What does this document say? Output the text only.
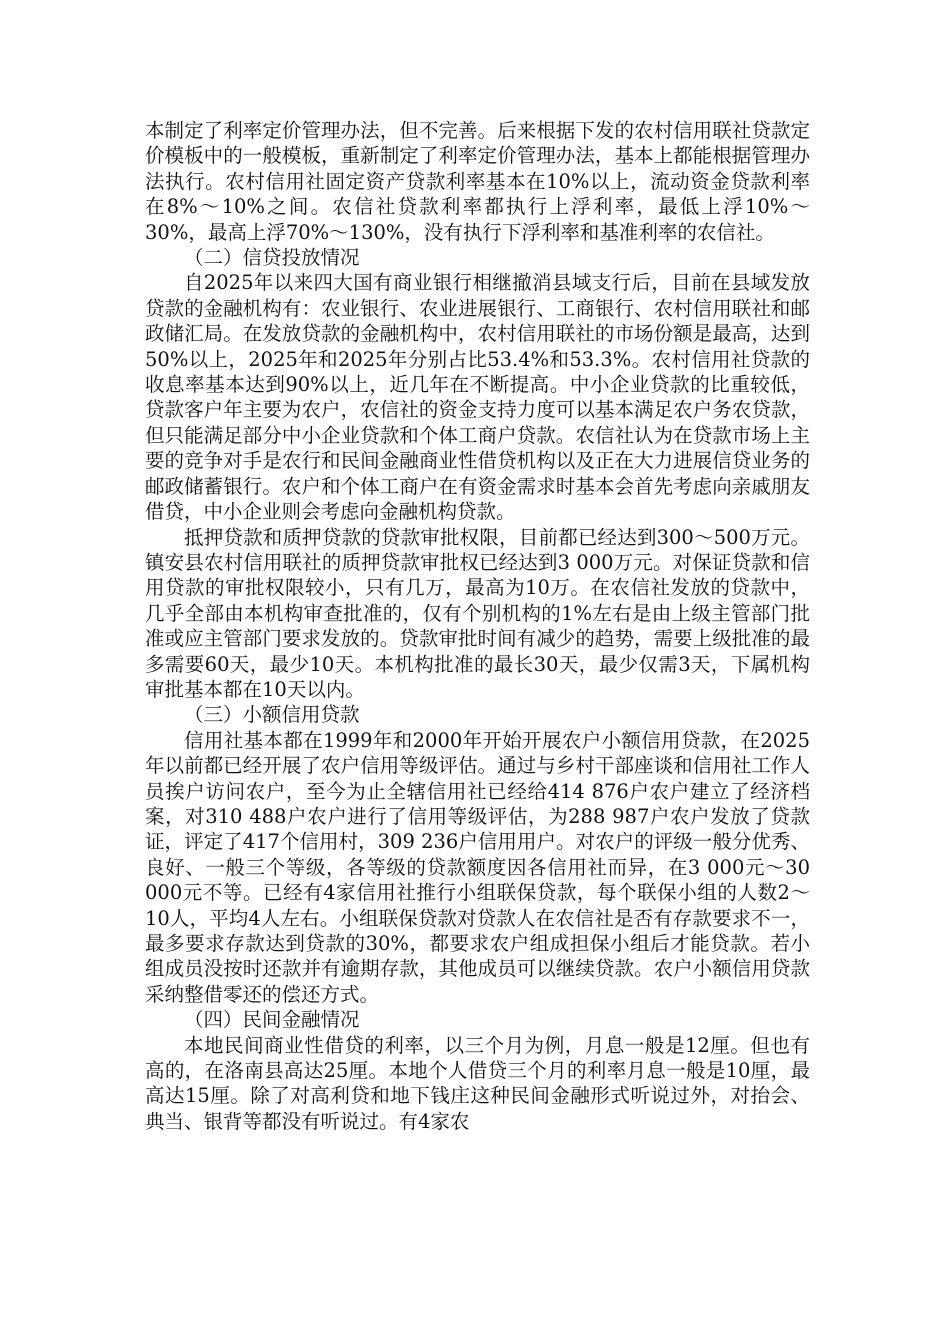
本制定了利率定价管理办法，但不完善。后来根据下发的农村信用联社贷款定价模板中的一般模板，重新制定了利率定价管理办法，基本上都能根据管理办法执行。农村信用社固定资产贷款利率基本在10%以上，流动资金贷款利率在8%～10%之间。农信社贷款利率都执行上浮利率，最低上浮10%～30%，最高上浮70%～130%，没有执行下浮利率和基准利率的农信社。

（二）信贷投放情况

自2025年以来四大国有商业银行相继撤消县域支行后，目前在县域发放贷款的金融机构有：农业银行、农业进展银行、工商银行、农村信用联社和邮政储汇局。在发放贷款的金融机构中，农村信用联社的市场份额是最高，达到50%以上，2025年和2025年分别占比53.4%和53.3%。农村信用社贷款的收息率基本达到90%以上，近几年在不断提高。中小企业贷款的比重较低，贷款客户年主要为农户，农信社的资金支持力度可以基本满足农户务农贷款，但只能满足部分中小企业贷款和个体工商户贷款。农信社认为在贷款市场上主要的竞争对手是农行和民间金融商业性借贷机构以及正在大力进展信贷业务的邮政储蓄银行。农户和个体工商户在有资金需求时基本会首先考虑向亲戚朋友借贷，中小企业则会考虑向金融机构贷款。

抵押贷款和质押贷款的贷款审批权限，目前都已经达到300～500万元。镇安县农村信用联社的质押贷款审批权已经达到3 000万元。对保证贷款和信用贷款的审批权限较小，只有几万，最高为10万。在农信社发放的贷款中，几乎全部由本机构审查批准的，仅有个别机构的1%左右是由上级主管部门批准或应主管部门要求发放的。贷款审批时间有减少的趋势，需要上级批准的最多需要60天，最少10天。本机构批准的最长30天，最少仅需3天，下属机构审批基本都在10天以内。

（三）小额信用贷款

信用社基本都在1999年和2000年开始开展农户小额信用贷款，在2025年以前都已经开展了农户信用等级评估。通过与乡村干部座谈和信用社工作人员挨户访问农户，至今为止全辖信用社已经给414 876户农户建立了经济档案，对310 488户农户进行了信用等级评估，为288 987户农户发放了贷款证，评定了417个信用村，309 236户信用用户。对农户的评级一般分优秀、良好、一般三个等级，各等级的贷款额度因各信用社而异，在3 000元～30 000元不等。已经有4家信用社推行小组联保贷款，每个联保小组的人数2～10人，平均4人左右。小组联保贷款对贷款人在农信社是否有存款要求不一，最多要求存款达到贷款的30%，都要求农户组成担保小组后才能贷款。若小组成员没按时还款并有逾期存款，其他成员可以继续贷款。农户小额信用贷款采纳整借零还的偿还方式。

（四）民间金融情况

本地民间商业性借贷的利率，以三个月为例，月息一般是12厘。但也有高的，在洛南县高达25厘。本地个人借贷三个月的利率月息一般是10厘，最高达15厘。除了对高利贷和地下钱庄这种民间金融形式听说过外，对抬会、典当、银背等都没有听说过。有4家农
